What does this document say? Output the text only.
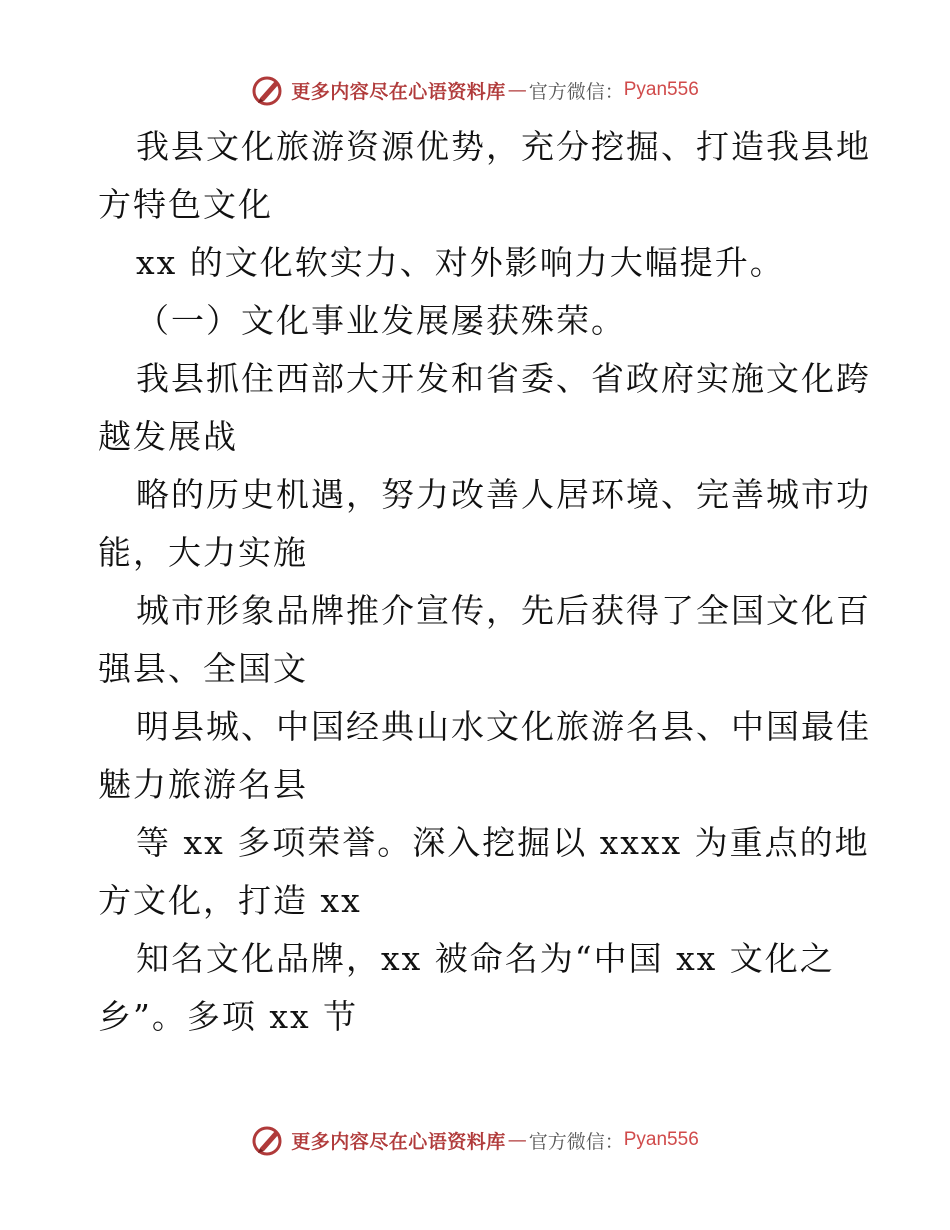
更多内容尽在心语资料库 — 官方微信： Pyan556
我县文化旅游资源优势，充分挖掘、打造我县地
方特色文化
xx 的文化软实力、对外影响力大幅提升。
（一）文化事业发展屡获殊荣。
我县抓住西部大开发和省委、省政府实施文化跨
越发展战
略的历史机遇，努力改善人居环境、完善城市功
能，大力实施
城市形象品牌推介宣传，先后获得了全国文化百
强县、全国文
明县城、中国经典山水文化旅游名县、中国最佳
魅力旅游名县
等 xx 多项荣誉。深入挖掘以 xxxx 为重点的地
方文化，打造 xx
知名文化品牌，xx 被命名为“中国 xx 文化之
乡”。多项 xx 节
更多内容尽在心语资料库 — 官方微信： Pyan556
